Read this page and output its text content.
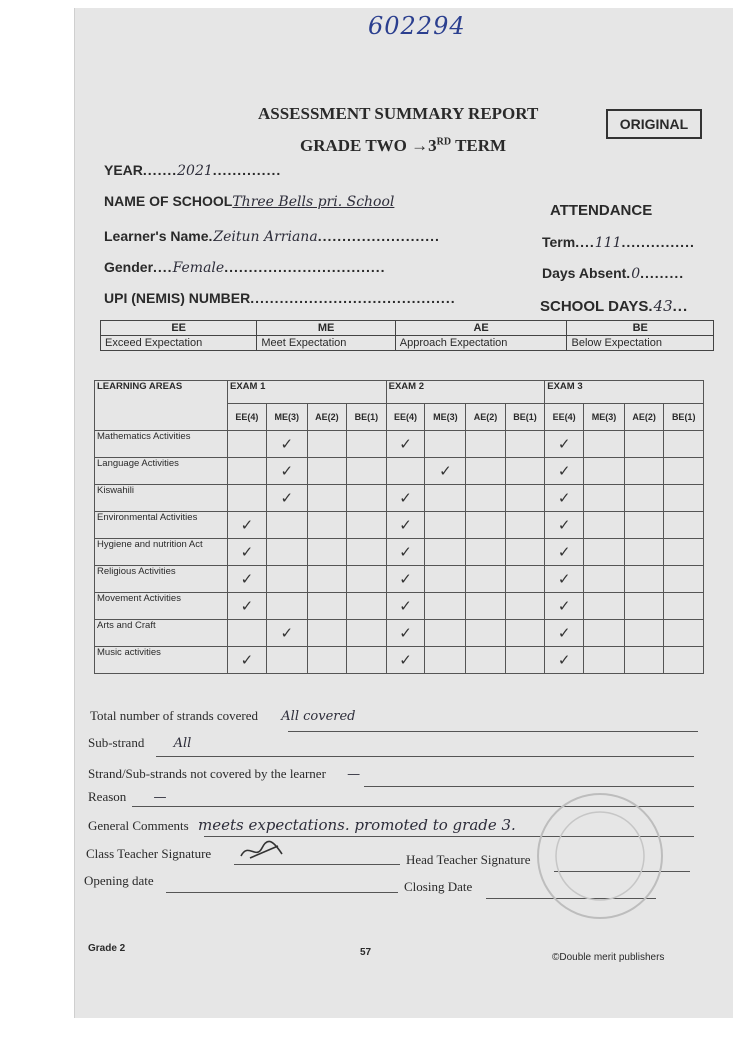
602294
ASSESSMENT SUMMARY REPORT
GRADE TWO →3RD TERM
ORIGINAL
YEAR.......2021..............
NAME OF SCHOOLThree Bells pri. School
Learner's Name.Zeitun Arriana.........................
Gender....Female.................................
UPI (NEMIS) NUMBER..........................................
ATTENDANCE
Term....111...............
Days Absent.0.........
SCHOOL DAYS.43...
EE	ME	AE	BE
Exceed Expectation	Meet Expectation	Approach Expectation	Below Expectation
LEARNING AREAS	EXAM 1				EXAM 2				EXAM 3			
	EE(4)	ME(3)	AE(2)	BE(1)	EE(4)	ME(3)	AE(2)	BE(1)	EE(4)	ME(3)	AE(2)	BE(1)
Mathematics Activities		✓			✓				✓			
Language Activities		✓				✓			✓			
Kiswahili		✓			✓				✓			
Environmental Activities	✓				✓				✓			
Hygiene and nutrition Act	✓				✓				✓			
Religious Activities	✓				✓				✓			
Movement Activities	✓				✓				✓			
Arts and Craft		✓			✓				✓			
Music activities	✓				✓				✓			
Total number of strands covered All covered
Sub-strand All
Strand/Sub-strands not covered by the learner —
Reason —
General Comments meets expectations. promoted to grade 3.
Class Teacher Signature	Head Teacher Signature
Opening date	Closing Date
Grade 2	57	©Double merit publishers
